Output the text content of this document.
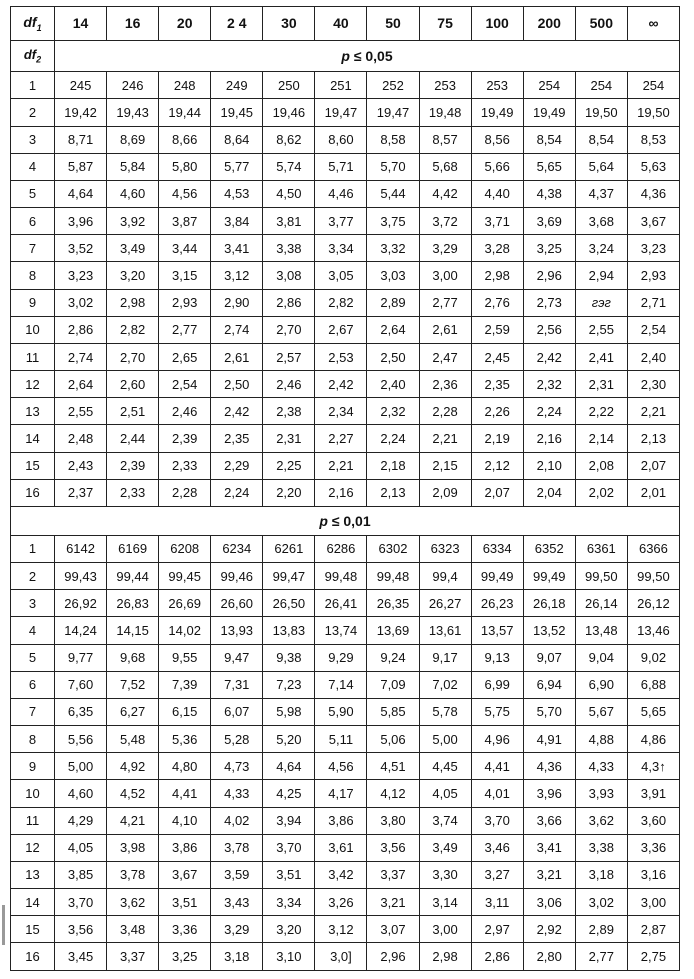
$df_1$	14	16	20	2 4	30	40	50	75	100	200	500	∞
$df_2$	p ≤ 0,05											
1	245	246	248	249	250	251	252	253	253	254	254	254
2	19,42	19,43	19,44	19,45	19,46	19,47	19,47	19,48	19,49	19,49	19,50	19,50
3	8,71	8,69	8,66	8,64	8,62	8,60	8,58	8,57	8,56	8,54	8,54	8,53
4	5,87	5,84	5,80	5,77	5,74	5,71	5,70	5,68	5,66	5,65	5,64	5,63
5	4,64	4,60	4,56	4,53	4,50	4,46	5,44	4,42	4,40	4,38	4,37	4,36
6	3,96	3,92	3,87	3,84	3,81	3,77	3,75	3,72	3,71	3,69	3,68	3,67
7	3,52	3,49	3,44	3,41	3,38	3,34	3,32	3,29	3,28	3,25	3,24	3,23
8	3,23	3,20	3,15	3,12	3,08	3,05	3,03	3,00	2,98	2,96	2,94	2,93
9	3,02	2,98	2,93	2,90	2,86	2,82	2,89	2,77	2,76	2,73	гэг	2,71
10	2,86	2,82	2,77	2,74	2,70	2,67	2,64	2,61	2,59	2,56	2,55	2,54
11	2,74	2,70	2,65	2,61	2,57	2,53	2,50	2,47	2,45	2,42	2,41	2,40
12	2,64	2,60	2,54	2,50	2,46	2,42	2,40	2,36	2,35	2,32	2,31	2,30
13	2,55	2,51	2,46	2,42	2,38	2,34	2,32	2,28	2,26	2,24	2,22	2,21
14	2,48	2,44	2,39	2,35	2,31	2,27	2,24	2,21	2,19	2,16	2,14	2,13
15	2,43	2,39	2,33	2,29	2,25	2,21	2,18	2,15	2,12	2,10	2,08	2,07
16	2,37	2,33	2,28	2,24	2,20	2,16	2,13	2,09	2,07	2,04	2,02	2,01
p ≤ 0,01												
1	6142	6169	6208	6234	6261	6286	6302	6323	6334	6352	6361	6366
2	99,43	99,44	99,45	99,46	99,47	99,48	99,48	99,4	99,49	99,49	99,50	99,50
3	26,92	26,83	26,69	26,60	26,50	26,41	26,35	26,27	26,23	26,18	26,14	26,12
4	14,24	14,15	14,02	13,93	13,83	13,74	13,69	13,61	13,57	13,52	13,48	13,46
5	9,77	9,68	9,55	9,47	9,38	9,29	9,24	9,17	9,13	9,07	9,04	9,02
6	7,60	7,52	7,39	7,31	7,23	7,14	7,09	7,02	6,99	6,94	6,90	6,88
7	6,35	6,27	6,15	6,07	5,98	5,90	5,85	5,78	5,75	5,70	5,67	5,65
8	5,56	5,48	5,36	5,28	5,20	5,11	5,06	5,00	4,96	4,91	4,88	4,86
9	5,00	4,92	4,80	4,73	4,64	4,56	4,51	4,45	4,41	4,36	4,33	4,3↑
10	4,60	4,52	4,41	4,33	4,25	4,17	4,12	4,05	4,01	3,96	3,93	3,91
11	4,29	4,21	4,10	4,02	3,94	3,86	3,80	3,74	3,70	3,66	3,62	3,60
12	4,05	3,98	3,86	3,78	3,70	3,61	3,56	3,49	3,46	3,41	3,38	3,36
13	3,85	3,78	3,67	3,59	3,51	3,42	3,37	3,30	3,27	3,21	3,18	3,16
14	3,70	3,62	3,51	3,43	3,34	3,26	3,21	3,14	3,11	3,06	3,02	3,00
15	3,56	3,48	3,36	3,29	3,20	3,12	3,07	3,00	2,97	2,92	2,89	2,87
16	3,45	3,37	3,25	3,18	3,10	3,0]	2,96	2,98	2,86	2,80	2,77	2,75
